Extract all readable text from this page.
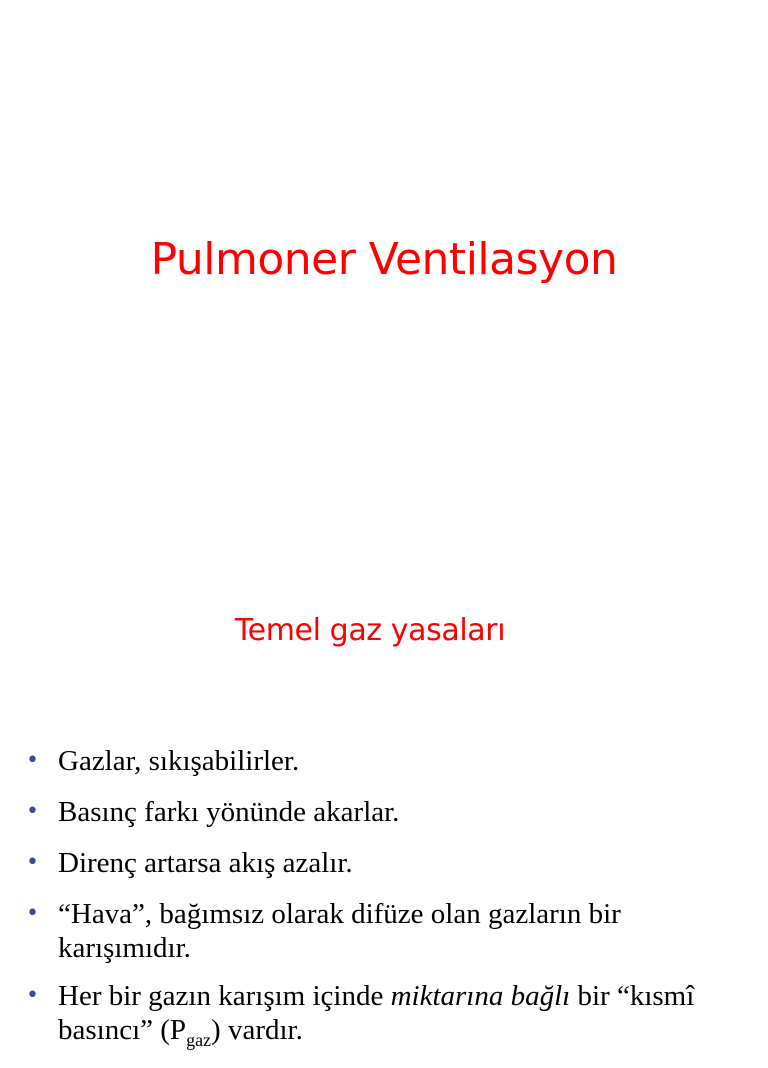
Pulmoner Ventilasyon
Temel gaz yasaları
• Gazlar, sıkışabilirler.
• Basınç farkı yönünde akarlar.
• Direnç artarsa akış azalır.
• “Hava”, bağımsız olarak difüze olan gazların bir karışımıdır.
• Her bir gazın karışım içinde miktarına bağlı bir “kısmî basıncı” $(P_{gaz})$ vardır.
